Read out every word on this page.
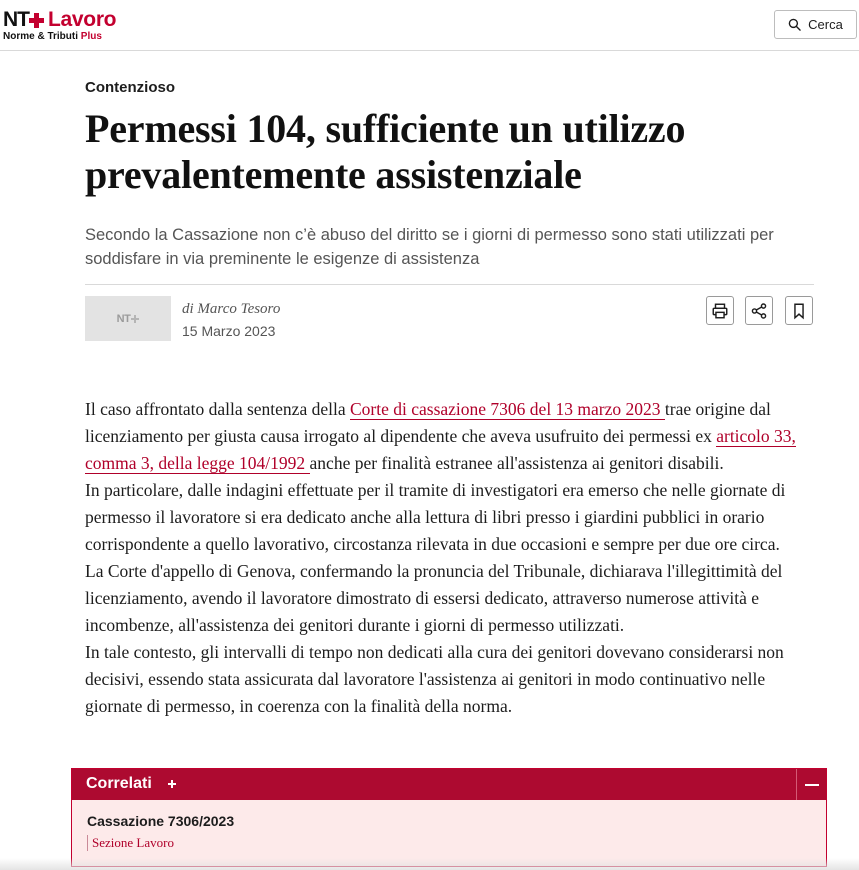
NT Lavoro
Norme & Tributi Plus
Cerca
Contenzioso
Permessi 104, sufficiente un utilizzo prevalentemente assistenziale
Secondo la Cassazione non c’è abuso del diritto se i giorni di permesso sono stati utilizzati per soddisfare in via preminente le esigenze di assistenza
NT
di Marco Tesoro
15 Marzo 2023

Il caso affrontato dalla sentenza della Corte di cassazione 7306 del 13 marzo 2023 trae origine dal licenziamento per giusta causa irrogato al dipendente che aveva usufruito dei permessi ex articolo 33, comma 3, della legge 104/1992 anche per finalità estranee all'assistenza ai genitori disabili.

In particolare, dalle indagini effettuate per il tramite di investigatori era emerso che nelle giornate di permesso il lavoratore si era dedicato anche alla lettura di libri presso i giardini pubblici in orario corrispondente a quello lavorativo, circostanza rilevata in due occasioni e sempre per due ore circa.

La Corte d'appello di Genova, confermando la pronuncia del Tribunale, dichiarava l'illegittimità del licenziamento, avendo il lavoratore dimostrato di essersi dedicato, attraverso numerose attività e incombenze, all'assistenza dei genitori durante i giorni di permesso utilizzati.

In tale contesto, gli intervalli di tempo non dedicati alla cura dei genitori dovevano considerarsi non decisivi, essendo stata assicurata dal lavoratore l'assistenza ai genitori in modo continuativo nelle giornate di permesso, in coerenza con la finalità della norma.

Correlati
Cassazione 7306/2023
Sezione Lavoro
